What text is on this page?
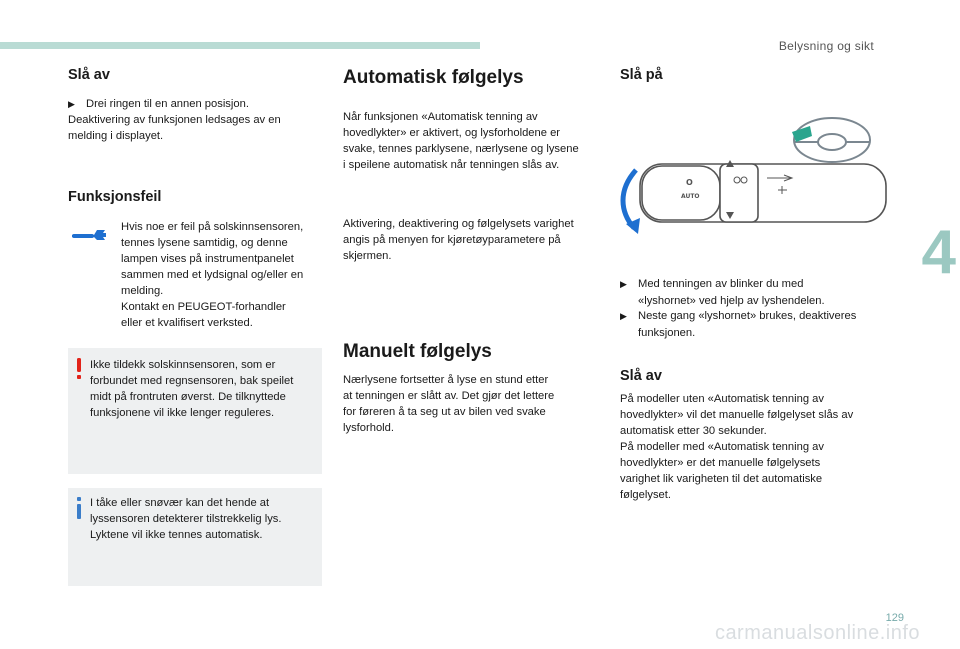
Belysning og sikt
4
Slå av
▶ Drei ringen til en annen posisjon.

Deaktivering av funksjonen ledsages av en melding i displayet.

Funksjonsfeil

Hvis noe er feil på solskinnsensoren,

tennes lysene samtidig, og denne

lampen vises på instrumentpanelet

sammen med et lydsignal og/eller en

melding.

Kontakt en PEUGEOT-forhandler

eller et kvalifisert verksted.

Ikke tildekk solskinnsensoren, som er

forbundet med regnsensoren, bak speilet

midt på frontruten øverst. De tilknyttede

funksjonene vil ikke lenger reguleres.

I tåke eller snøvær kan det hende at

lyssensoren detekterer tilstrekkelig lys.

Lyktene vil ikke tennes automatisk.

Automatisk følgelys

Når funksjonen «Automatisk tenning av

hovedlykter» er aktivert, og lysforholdene er

svake, tennes parklysene, nærlysene og lysene

i speilene automatisk når tenningen slås av.

Aktivering, deaktivering og følgelysets varighet

angis på menyen for kjøretøyparametere på

skjermen.

Manuelt følgelys

Nærlysene fortsetter å lyse en stund etter

at tenningen er slått av. Det gjør det lettere

for føreren å ta seg ut av bilen ved svake

lysforhold.

Slå på
O
AUTO
▶ Med tenningen av blinker du med
«lyshornet» ved hjelp av lyshendelen.
▶ Neste gang «lyshornet» brukes, deaktiveres
funksjonen.
Slå av

På modeller uten «Automatisk tenning av

hovedlykter» vil det manuelle følgelyset slås av

automatisk etter 30 sekunder.

På modeller med «Automatisk tenning av

hovedlykter» er det manuelle følgelysets

varighet lik varigheten til det automatiske

følgelyset.

129
carmanualsonline.info
